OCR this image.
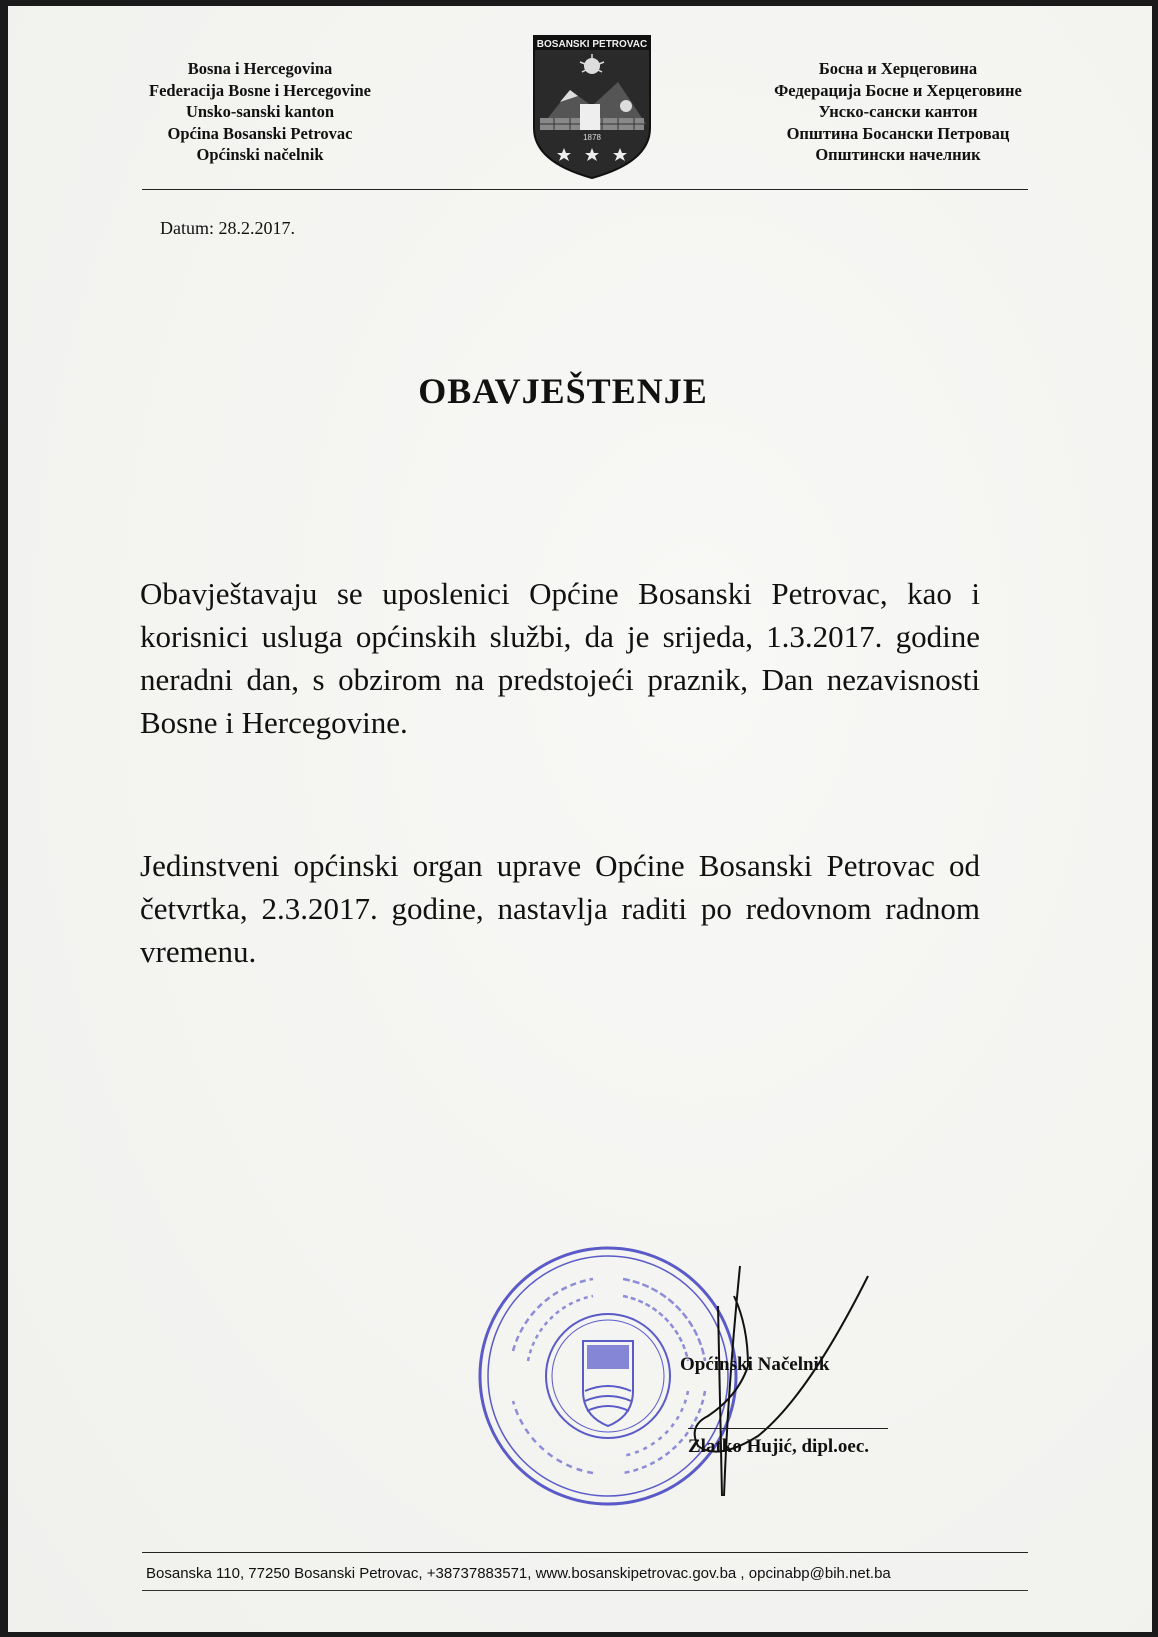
Bosna i Hercegovina
Federacija Bosne i Hercegovine
Unsko-sanski kanton
Općina Bosanski Petrovac
Općinski načelnik
BOSANSKI PETROVAC
1878
Босна и Херцеговина
Федерација Босне и Херцеговине
Унско-сански кантон
Општина Босански Петровац
Општински начелник
Datum: 28.2.2017.
OBAVJEŠTENJE
Obavještavaju se uposlenici Općine Bosanski Petrovac, kao i korisnici usluga općinskih službi, da je srijeda, 1.3.2017. godine neradni dan, s obzirom na predstojeći praznik, Dan nezavisnosti Bosne i Hercegovine.
Jedinstveni općinski organ uprave Općine Bosanski Petrovac od četvrtka, 2.3.2017. godine, nastavlja raditi po redovnom radnom vremenu.
Općinski Načelnik
Zlatko Hujić, dipl.oec.
Bosanska 110, 77250 Bosanski Petrovac, +38737883571, www.bosanskipetrovac.gov.ba , opcinabp@bih.net.ba
